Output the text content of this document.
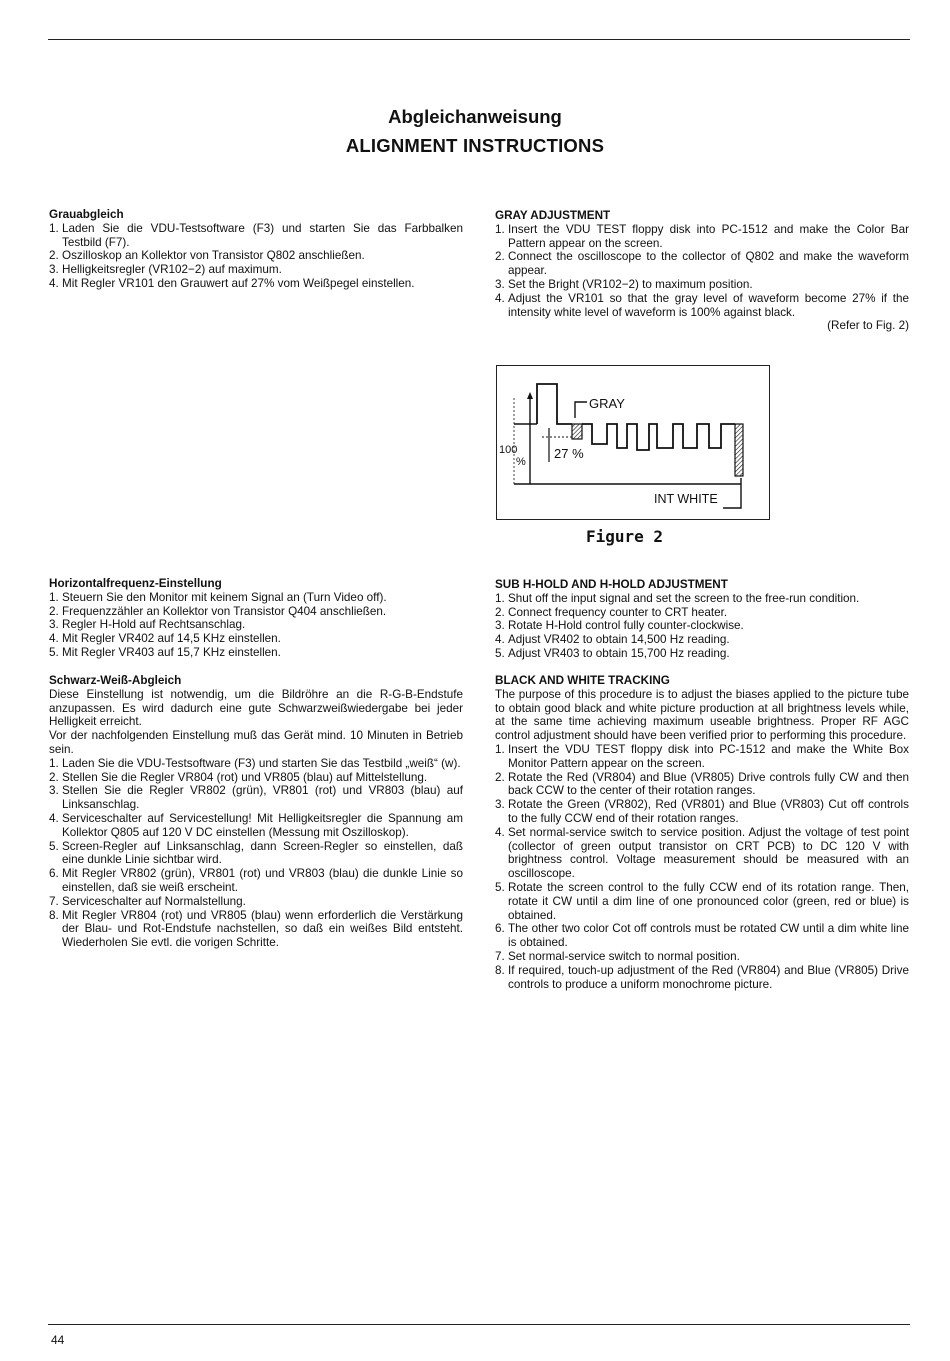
Abgleichanweisung
ALIGNMENT INSTRUCTIONS
Grauabgleich
1. Laden Sie die VDU-Testsoftware (F3) und starten Sie das Farbbalken Testbild (F7).
2. Oszilloskop an Kollektor von Transistor Q802 anschließen.
3. Helligkeitsregler (VR102−2) auf maximum.
4. Mit Regler VR101 den Grauwert auf 27% vom Weißpegel einstellen.
GRAY ADJUSTMENT
1. Insert the VDU TEST floppy disk into PC-1512 and make the Color Bar Pattern appear on the screen.
2. Connect the oscilloscope to the collector of Q802 and make the waveform appear.
3. Set the Bright (VR102−2) to maximum position.
4. Adjust the VR101 so that the gray level of waveform become 27% if the intensity white level of waveform is 100% against black.
(Refer to Fig. 2)
GRAY
100
%
27 %
INT WHITE
Figure 2
Horizontalfrequenz-Einstellung
1. Steuern Sie den Monitor mit keinem Signal an (Turn Video off).
2. Frequenzzähler an Kollektor von Transistor Q404 anschließen.
3. Regler H-Hold auf Rechtsanschlag.
4. Mit Regler VR402 auf 14,5 KHz einstellen.
5. Mit Regler VR403 auf 15,7 KHz einstellen.
SUB H-HOLD AND H-HOLD ADJUSTMENT
1. Shut off the input signal and set the screen to the free-run condition.
2. Connect frequency counter to CRT heater.
3. Rotate H-Hold control fully counter-clockwise.
4. Adjust VR402 to obtain 14,500 Hz reading.
5. Adjust VR403 to obtain 15,700 Hz reading.
Schwarz-Weiß-Abgleich

Diese Einstellung ist notwendig, um die Bildröhre an die R-G-B-Endstufe anzupassen. Es wird dadurch eine gute Schwarzweißwiedergabe bei jeder Helligkeit erreicht.

Vor der nachfolgenden Einstellung muß das Gerät mind. 10 Minuten in Betrieb sein.

1. Laden Sie die VDU-Testsoftware (F3) und starten Sie das Testbild „weiß“ (w).
2. Stellen Sie die Regler VR804 (rot) und VR805 (blau) auf Mittelstellung.
3. Stellen Sie die Regler VR802 (grün), VR801 (rot) und VR803 (blau) auf Linksanschlag.
4. Serviceschalter auf Servicestellung! Mit Helligkeitsregler die Spannung am Kollektor Q805 auf 120 V DC einstellen (Messung mit Oszilloskop).
5. Screen-Regler auf Linksanschlag, dann Screen-Regler so einstellen, daß eine dunkle Linie sichtbar wird.
6. Mit Regler VR802 (grün), VR801 (rot) und VR803 (blau) die dunkle Linie so einstellen, daß sie weiß erscheint.
7. Serviceschalter auf Normalstellung.
8. Mit Regler VR804 (rot) und VR805 (blau) wenn erforderlich die Verstärkung der Blau- und Rot-Endstufe nachstellen, so daß ein weißes Bild entsteht. Wiederholen Sie evtl. die vorigen Schritte.
BLACK AND WHITE TRACKING

The purpose of this procedure is to adjust the biases applied to the picture tube to obtain good black and white picture production at all brightness levels while, at the same time achieving maximum useable brightness. Proper RF AGC control adjustment should have been verified prior to performing this procedure.

1. Insert the VDU TEST floppy disk into PC-1512 and make the White Box Monitor Pattern appear on the screen.
2. Rotate the Red (VR804) and Blue (VR805) Drive controls fully CW and then back CCW to the center of their rotation ranges.
3. Rotate the Green (VR802), Red (VR801) and Blue (VR803) Cut off controls to the fully CCW end of their rotation ranges.
4. Set normal-service switch to service position. Adjust the voltage of test point (collector of green output transistor on CRT PCB) to DC 120 V with brightness control. Voltage measurement should be measured with an oscilloscope.
5. Rotate the screen control to the fully CCW end of its rotation range. Then, rotate it CW until a dim line of one pronounced color (green, red or blue) is obtained.
6. The other two color Cot off controls must be rotated CW until a dim white line is obtained.
7. Set normal-service switch to normal position.
8. If required, touch-up adjustment of the Red (VR804) and Blue (VR805) Drive controls to produce a uniform monochrome picture.
44
